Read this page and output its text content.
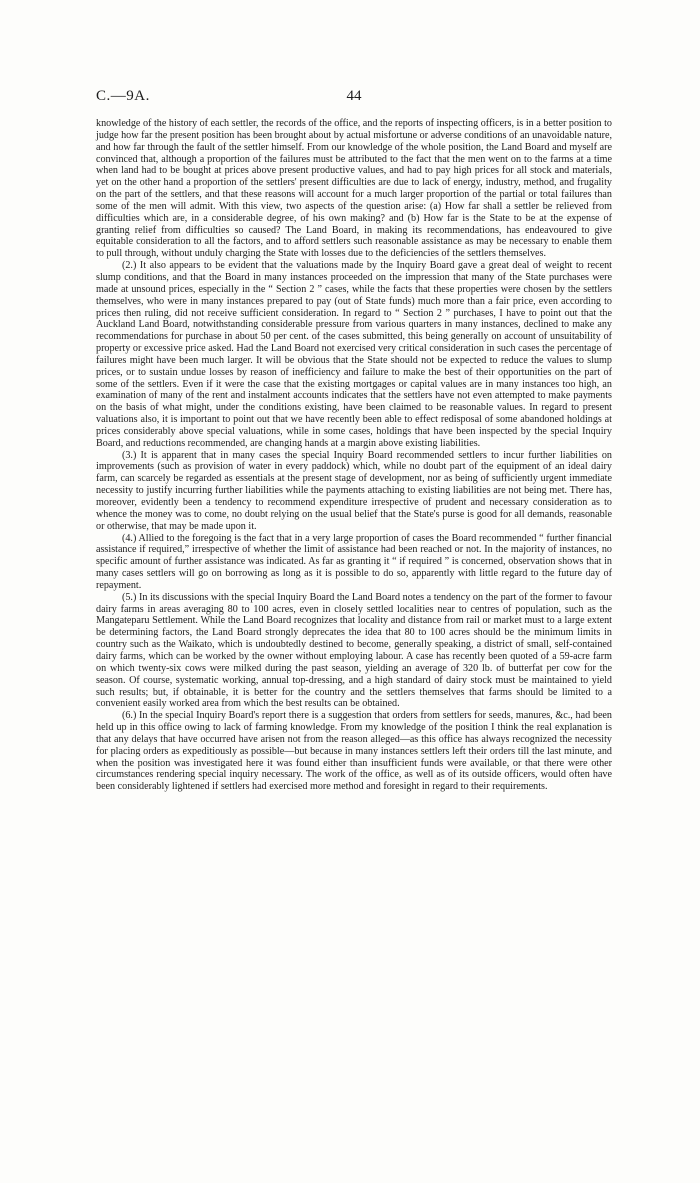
C.—9A.	44

knowledge of the history of each settler, the records of the office, and the reports of inspecting officers, is in a better position to judge how far the present position has been brought about by actual misfortune or adverse conditions of an unavoidable nature, and how far through the fault of the settler himself. From our knowledge of the whole position, the Land Board and myself are convinced that, although a proportion of the failures must be attributed to the fact that the men went on to the farms at a time when land had to be bought at prices above present productive values, and had to pay high prices for all stock and materials, yet on the other hand a proportion of the settlers' present difficulties are due to lack of energy, industry, method, and frugality on the part of the settlers, and that these reasons will account for a much larger proportion of the partial or total failures than some of the men will admit. With this view, two aspects of the question arise: (a) How far shall a settler be relieved from difficulties which are, in a considerable degree, of his own making? and (b) How far is the State to be at the expense of granting relief from difficulties so caused? The Land Board, in making its recommendations, has endeavoured to give equitable consideration to all the factors, and to afford settlers such reasonable assistance as may be necessary to enable them to pull through, without unduly charging the State with losses due to the deficiencies of the settlers themselves.

(2.) It also appears to be evident that the valuations made by the Inquiry Board gave a great deal of weight to recent slump conditions, and that the Board in many instances proceeded on the impression that many of the State purchases were made at unsound prices, especially in the “ Section 2 ” cases, while the facts that these properties were chosen by the settlers themselves, who were in many instances prepared to pay (out of State funds) much more than a fair price, even according to prices then ruling, did not receive sufficient consideration. In regard to “ Section 2 ” purchases, I have to point out that the Auckland Land Board, notwithstanding considerable pressure from various quarters in many instances, declined to make any recommendations for purchase in about 50 per cent. of the cases submitted, this being generally on account of unsuitability of property or excessive price asked. Had the Land Board not exercised very critical consideration in such cases the percentage of failures might have been much larger. It will be obvious that the State should not be expected to reduce the values to slump prices, or to sustain undue losses by reason of inefficiency and failure to make the best of their opportunities on the part of some of the settlers. Even if it were the case that the existing mortgages or capital values are in many instances too high, an examination of many of the rent and instalment accounts indicates that the settlers have not even attempted to make payments on the basis of what might, under the conditions existing, have been claimed to be reasonable values. In regard to present valuations also, it is important to point out that we have recently been able to effect redisposal of some abandoned holdings at prices considerably above special valuations, while in some cases, holdings that have been inspected by the special Inquiry Board, and reductions recommended, are changing hands at a margin above existing liabilities.

(3.) It is apparent that in many cases the special Inquiry Board recommended settlers to incur further liabilities on improvements (such as provision of water in every paddock) which, while no doubt part of the equipment of an ideal dairy farm, can scarcely be regarded as essentials at the present stage of development, nor as being of sufficiently urgent immediate necessity to justify incurring further liabilities while the payments attaching to existing liabilities are not being met. There has, moreover, evidently been a tendency to recommend expenditure irrespective of prudent and necessary consideration as to whence the money was to come, no doubt relying on the usual belief that the State's purse is good for all demands, reasonable or otherwise, that may be made upon it.

(4.) Allied to the foregoing is the fact that in a very large proportion of cases the Board recommended “ further financial assistance if required,” irrespective of whether the limit of assistance had been reached or not. In the majority of instances, no specific amount of further assistance was indicated. As far as granting it “ if required ” is concerned, observation shows that in many cases settlers will go on borrowing as long as it is possible to do so, apparently with little regard to the future day of repayment.

(5.) In its discussions with the special Inquiry Board the Land Board notes a tendency on the part of the former to favour dairy farms in areas averaging 80 to 100 acres, even in closely settled localities near to centres of population, such as the Mangateparu Settlement. While the Land Board recognizes that locality and distance from rail or market must to a large extent be determining factors, the Land Board strongly deprecates the idea that 80 to 100 acres should be the minimum limits in country such as the Waikato, which is undoubtedly destined to become, generally speaking, a district of small, self-contained dairy farms, which can be worked by the owner without employing labour. A case has recently been quoted of a 59-acre farm on which twenty-six cows were milked during the past season, yielding an average of 320 lb. of butterfat per cow for the season. Of course, systematic working, annual top-dressing, and a high standard of dairy stock must be maintained to yield such results; but, if obtainable, it is better for the country and the settlers themselves that farms should be limited to a convenient easily worked area from which the best results can be obtained.

(6.) In the special Inquiry Board's report there is a suggestion that orders from settlers for seeds, manures, &c., had been held up in this office owing to lack of farming knowledge. From my knowledge of the position I think the real explanation is that any delays that have occurred have arisen not from the reason alleged—as this office has always recognized the necessity for placing orders as expeditiously as possible—but because in many instances settlers left their orders till the last minute, and when the position was investigated here it was found either than insufficient funds were available, or that there were other circumstances rendering special inquiry necessary. The work of the office, as well as of its outside officers, would often have been considerably lightened if settlers had exercised more method and foresight in regard to their requirements.
